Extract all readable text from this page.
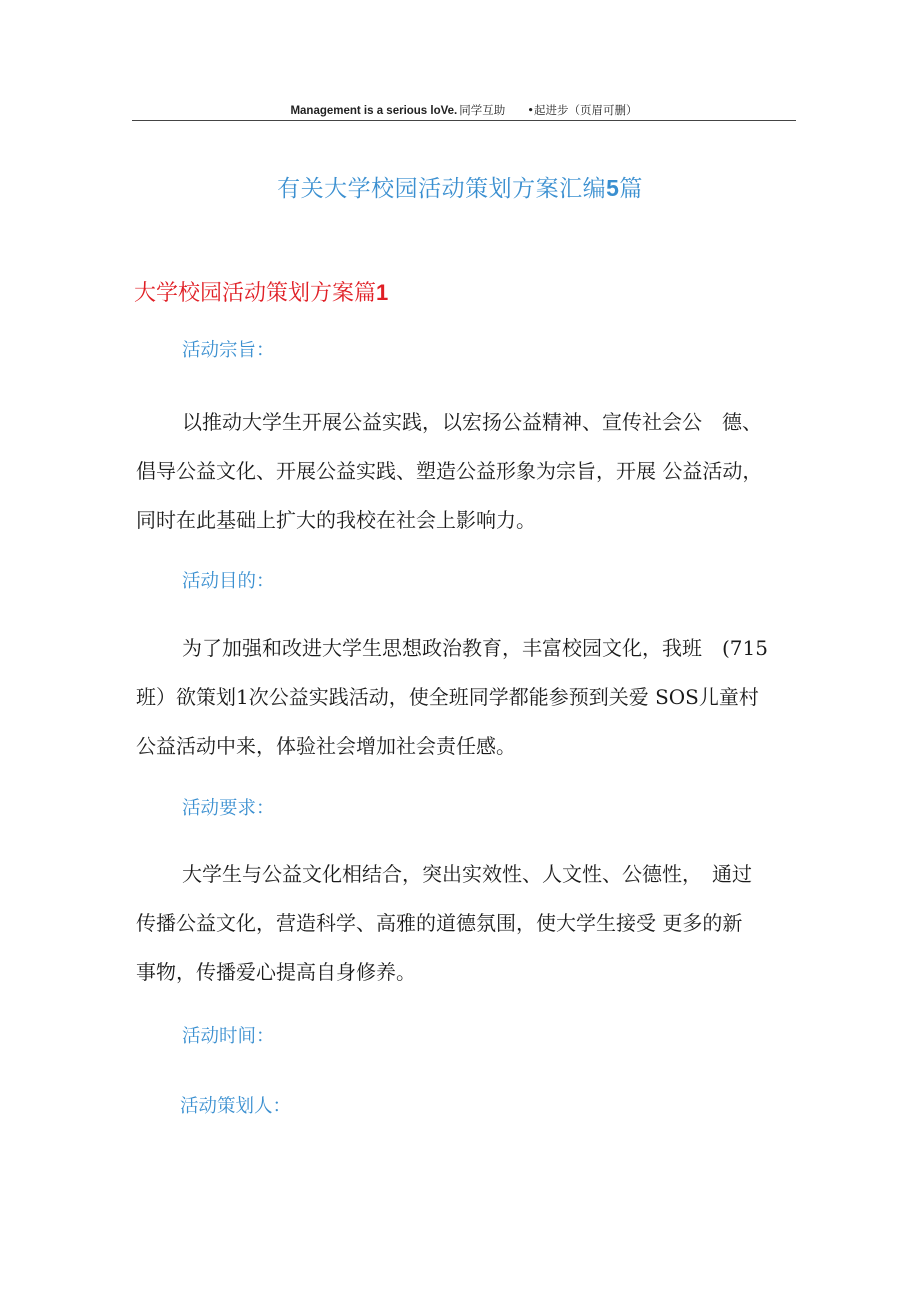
Management is a serious loVe. 同学互助 •起进步（页眉可删）
有关大学校园活动策划方案汇编5篇
大学校园活动策划方案篇1
活动宗旨：
以推动大学生开展公益实践，以宏扬公益精神、宣传社会公　德、
倡导公益文化、开展公益实践、塑造公益形象为宗旨，开展 公益活动，
同时在此基础上扩大的我校在社会上影响力。
活动目的：
为了加强和改进大学生思想政治教育，丰富校园文化，我班　(715
班）欲策划1次公益实践活动，使全班同学都能参预到关爱 SOS儿童村
公益活动中来，体验社会增加社会责任感。
活动要求：
大学生与公益文化相结合，突出实效性、人文性、公德性，　通过
传播公益文化，营造科学、高雅的道德氛围，使大学生接受 更多的新
事物，传播爱心提高自身修养。
活动时间：
活动策划人：
